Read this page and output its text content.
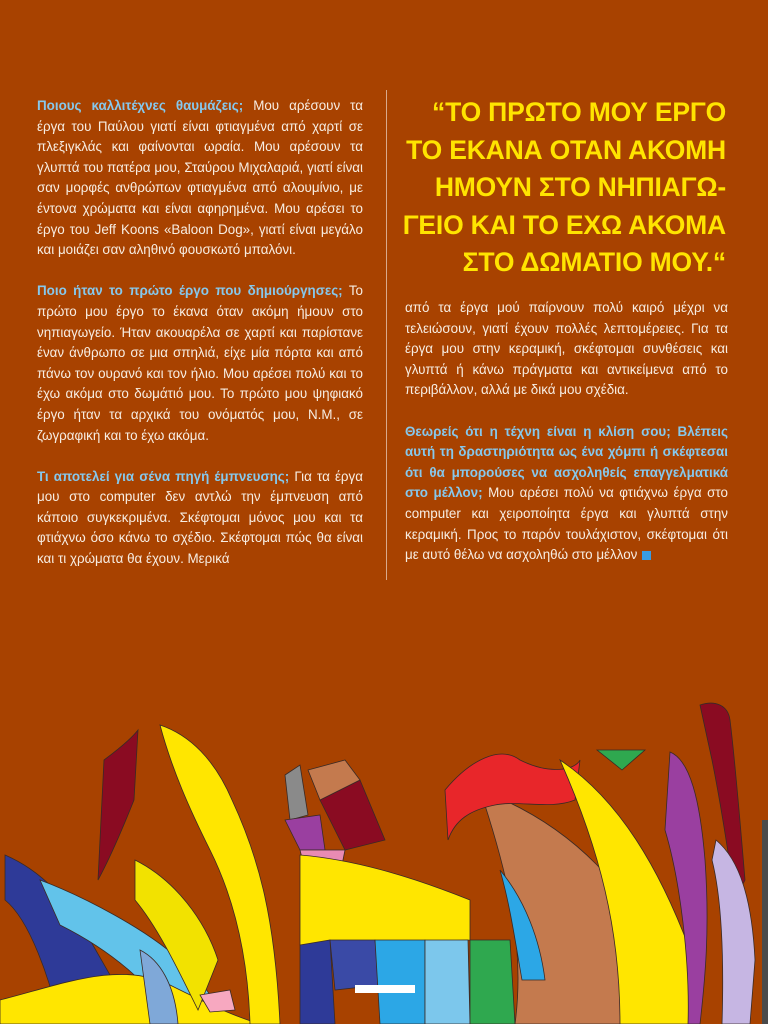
Ποιους καλλιτέχνες θαυμάζεις; Μου αρέσουν τα έργα του Παύλου γιατί είναι φτιαγμένα από χαρτί σε πλεξιγκλάς και φαίνονται ωραία. Μου αρέσουν τα γλυπτά του πατέρα μου, Σταύρου Μιχαλαριά, γιατί είναι σαν μορφές ανθρώπων φτιαγμένα από αλουμίνιο, με έντονα χρώματα και είναι αφηρημένα. Μου αρέσει το έργο του Jeff Koons «Baloon Dog», γιατί είναι μεγάλο και μοιάζει σαν αληθινό φουσκωτό μπαλόνι.

Ποιο ήταν το πρώτο έργο που δημιούργησες; Το πρώτο μου έργο το έκανα όταν ακόμη ήμουν στο νηπιαγωγείο. Ήταν ακουαρέλα σε χαρτί και παρίστανε έναν άνθρωπο σε μια σπηλιά, είχε μία πόρτα και από πάνω τον ουρανό και τον ήλιο. Μου αρέσει πολύ και το έχω ακόμα στο δωμάτιό μου. Το πρώτο μου ψηφιακό έργο ήταν τα αρχικά του ονόματός μου, Ν.Μ., σε ζωγραφική και το έχω ακόμα.

Τι αποτελεί για σένα πηγή έμπνευσης; Για τα έργα μου στο computer δεν αντλώ την έμπνευση από κάποιο συγκεκριμένα. Σκέφτομαι μόνος μου και τα φτιάχνω όσο κάνω το σχέδιο. Σκέφτομαι πώς θα είναι και τι χρώματα θα έχουν. Μερικά

“ΤΟ ΠΡΩΤΟ ΜΟΥ ΕΡΓΟ
ΤΟ ΕΚΑΝΑ ΟΤΑΝ ΑΚΟΜΗ
ΗΜΟΥΝ ΣΤΟ ΝΗΠΙΑΓΩ-
ΓΕΙΟ ΚΑΙ ΤΟ ΕΧΩ ΑΚΟΜΑ
ΣΤΟ ΔΩΜΑΤΙΟ ΜΟΥ.“

από τα έργα μού παίρνουν πολύ καιρό μέχρι να τελειώσουν, γιατί έχουν πολλές λεπτομέρειες. Για τα έργα μου στην κεραμική, σκέφτομαι συνθέσεις και γλυπτά ή κάνω πράγματα και αντικείμενα από το περιβάλλον, αλλά με δικά μου σχέδια.

Θεωρείς ότι η τέχνη είναι η κλίση σου; Βλέπεις αυτή τη δραστηριότητα ως ένα χόμπι ή σκέφτεσαι ότι θα μπορούσες να ασχοληθείς επαγγελματικά στο μέλλον; Μου αρέσει πολύ να φτιάχνω έργα στο computer και χειροποίητα έργα και γλυπτά στην κεραμική. Προς το παρόν τουλάχιστον, σκέφτομαι ότι με αυτό θέλω να ασχοληθώ στο μέλλον
